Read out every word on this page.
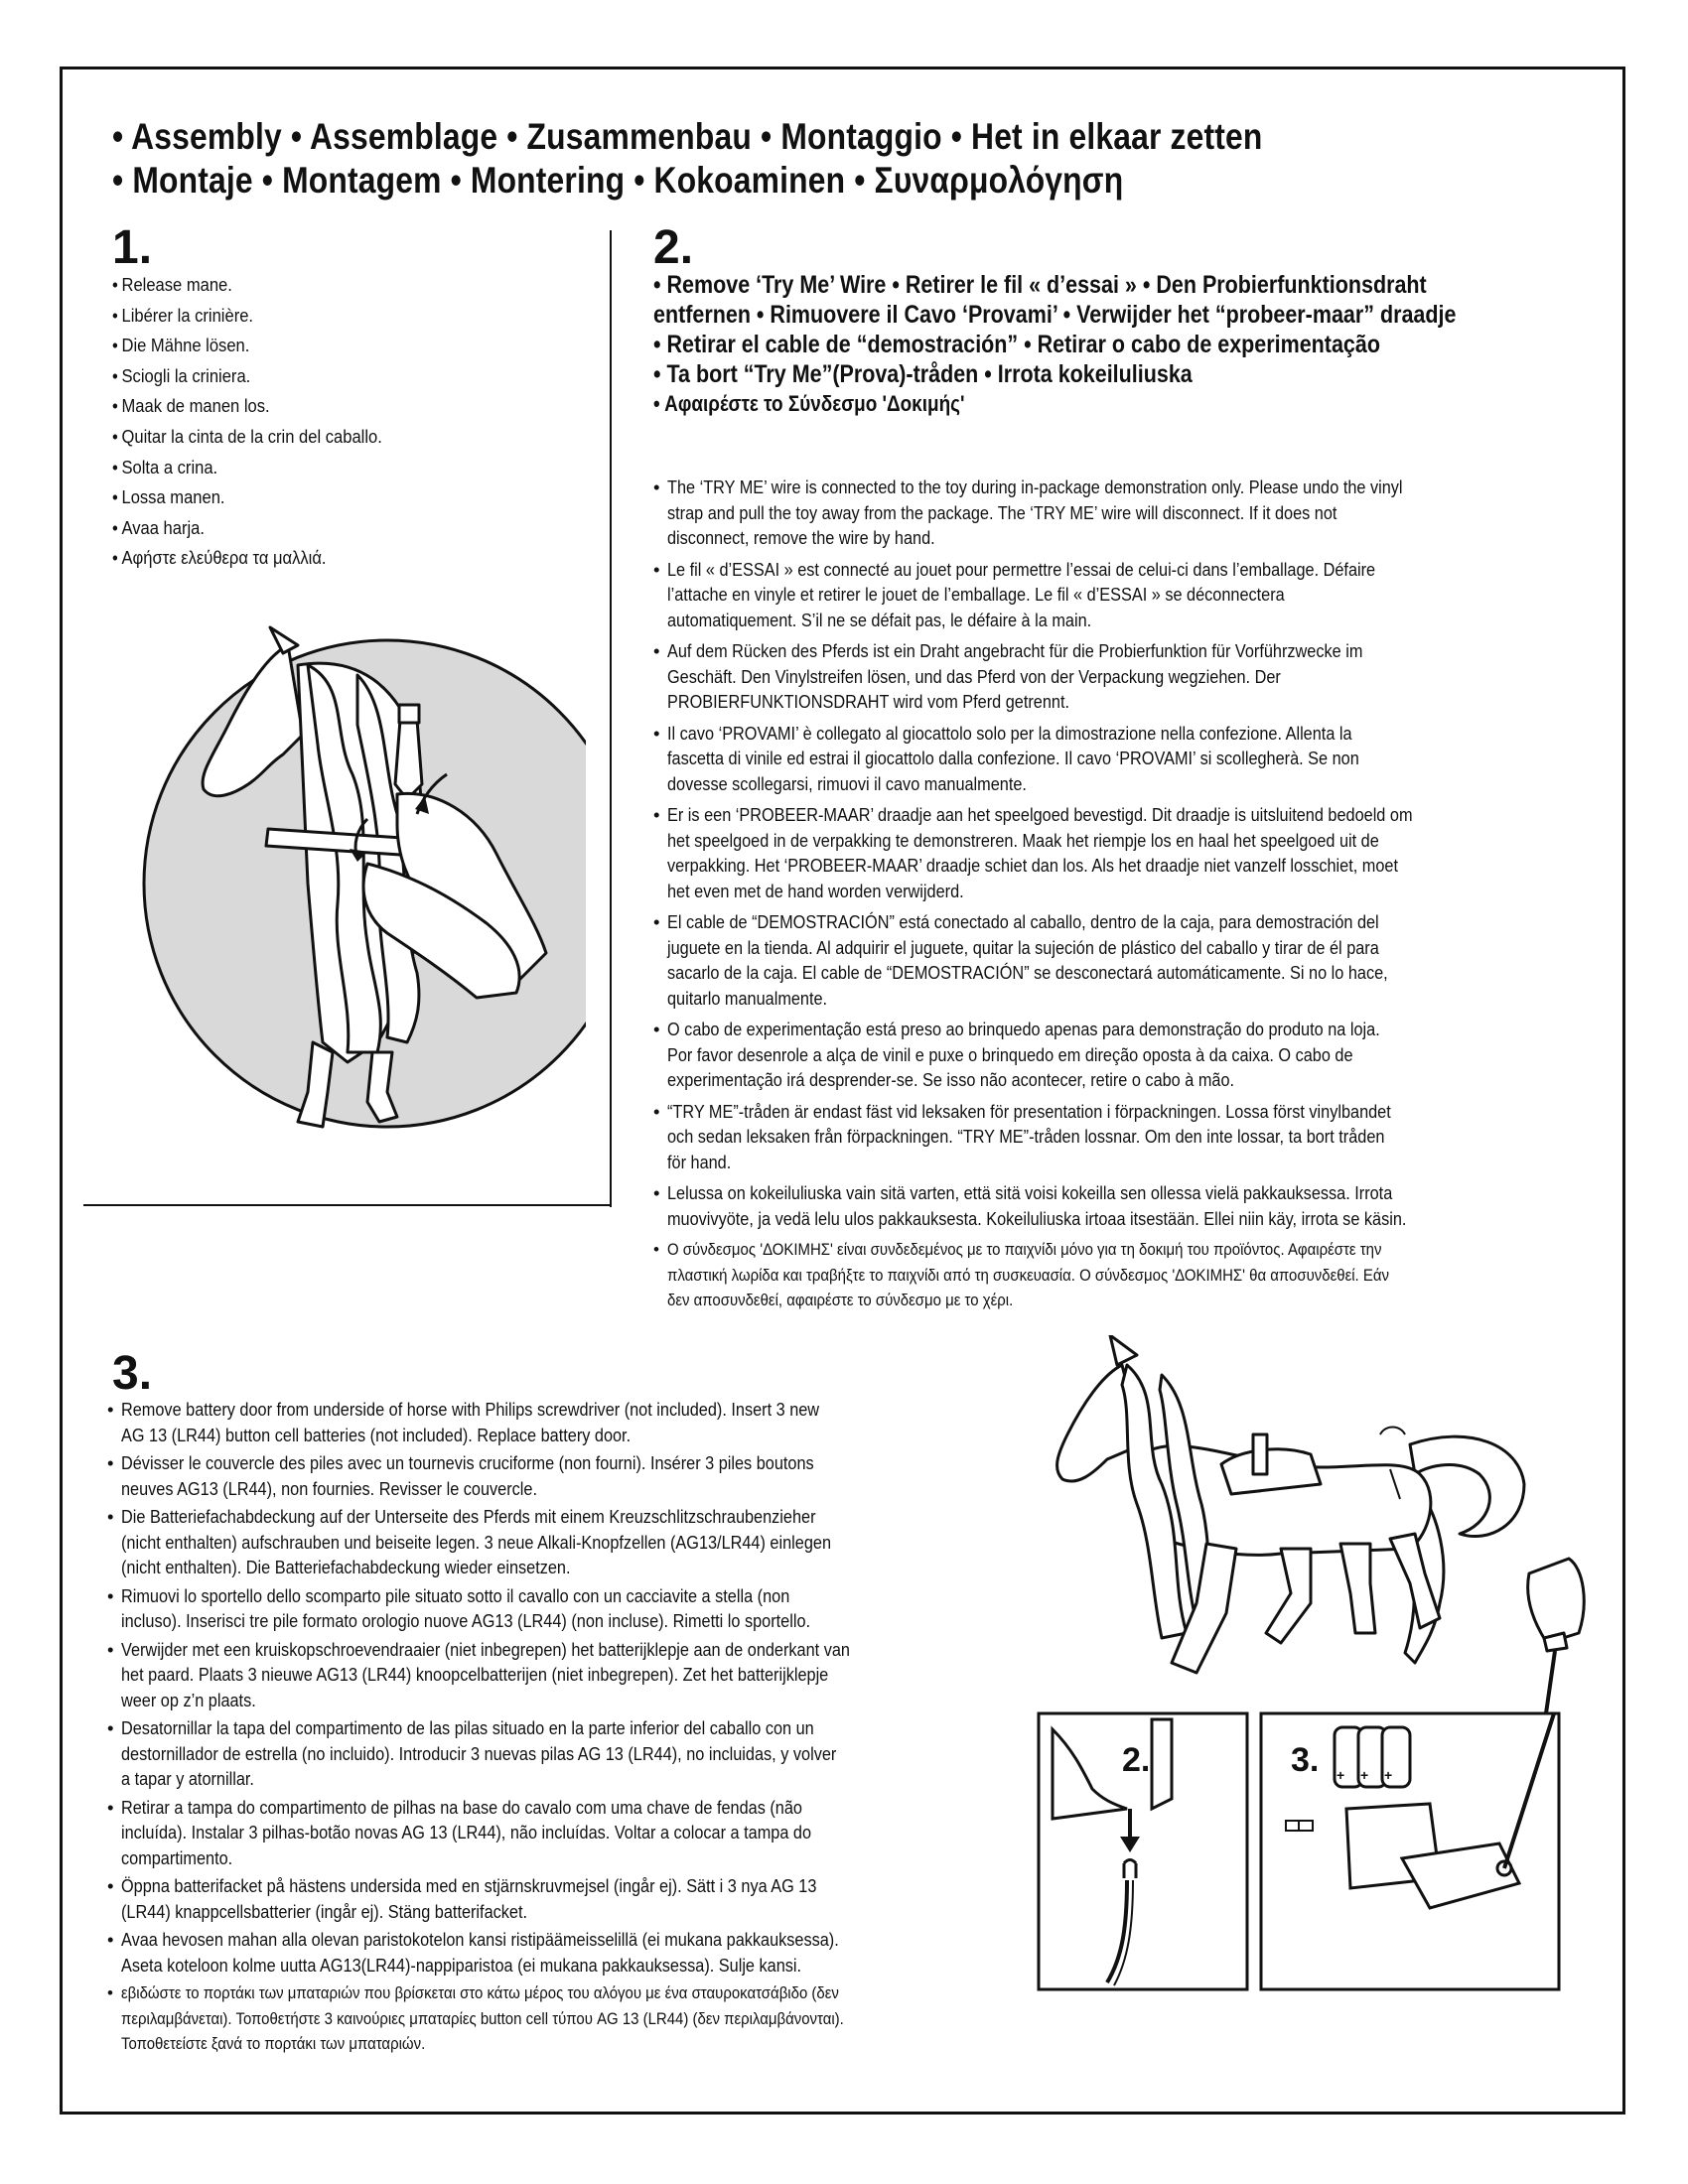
• Assembly • Assemblage • Zusammenbau • Montaggio • Het in elkaar zetten
• Montaje • Montagem • Montering • Kokoaminen • Συναρμολόγηση
1.
• Release mane.
• Libérer la crinière.
• Die Mähne lösen.
• Sciogli la criniera.
• Maak de manen los.
• Quitar la cinta de la crin del caballo.
• Solta a crina.
• Lossa manen.
• Avaa harja.
• Αφήστε ελεύθερα τα μαλλιά.
2.
• Remove ‘Try Me’ Wire • Retirer le fil « d’essai » • Den Probierfunktionsdraht
entfernen • Rimuovere il Cavo ‘Provami’ • Verwijder het “probeer-maar” draadje
• Retirar el cable de “demostración” • Retirar o cabo de experimentação
• Ta bort “Try Me”(Prova)-tråden • Irrota kokeiluliuska
• Αφαιρέστε το Σύνδεσμο 'Δοκιμής'
• The ‘TRY ME’ wire is connected to the toy during in-package demonstration only. Please undo the vinyl
strap and pull the toy away from the package. The ‘TRY ME’ wire will disconnect. If it does not
disconnect, remove the wire by hand.
• Le fil « d’ESSAI » est connecté au jouet pour permettre l’essai de celui-ci dans l’emballage. Défaire
l’attache en vinyle et retirer le jouet de l’emballage. Le fil « d’ESSAI » se déconnectera
automatiquement. S’il ne se défait pas, le défaire à la main.
• Auf dem Rücken des Pferds ist ein Draht angebracht für die Probierfunktion für Vorführzwecke im
Geschäft. Den Vinylstreifen lösen, und das Pferd von der Verpackung wegziehen. Der
PROBIERFUNKTIONSDRAHT wird vom Pferd getrennt.
• Il cavo ‘PROVAMI’ è collegato al giocattolo solo per la dimostrazione nella confezione. Allenta la
fascetta di vinile ed estrai il giocattolo dalla confezione. Il cavo ‘PROVAMI’ si scollegherà. Se non
dovesse scollegarsi, rimuovi il cavo manualmente.
• Er is een ‘PROBEER-MAAR’ draadje aan het speelgoed bevestigd. Dit draadje is uitsluitend bedoeld om
het speelgoed in de verpakking te demonstreren. Maak het riempje los en haal het speelgoed uit de
verpakking. Het ‘PROBEER-MAAR’ draadje schiet dan los. Als het draadje niet vanzelf losschiet, moet
het even met de hand worden verwijderd.
• El cable de “DEMOSTRACIÓN” está conectado al caballo, dentro de la caja, para demostración del
juguete en la tienda. Al adquirir el juguete, quitar la sujeción de plástico del caballo y tirar de él para
sacarlo de la caja. El cable de “DEMOSTRACIÓN” se desconectará automáticamente. Si no lo hace,
quitarlo manualmente.
• O cabo de experimentação está preso ao brinquedo apenas para demonstração do produto na loja.
Por favor desenrole a alça de vinil e puxe o brinquedo em direção oposta à da caixa. O cabo de
experimentação irá desprender-se. Se isso não acontecer, retire o cabo à mão.
• “TRY ME”-tråden är endast fäst vid leksaken för presentation i förpackningen. Lossa först vinylbandet
och sedan leksaken från förpackningen. “TRY ME”-tråden lossnar. Om den inte lossar, ta bort tråden
för hand.
• Lelussa on kokeiluliuska vain sitä varten, että sitä voisi kokeilla sen ollessa vielä pakkauksessa. Irrota
muovivyöte, ja vedä lelu ulos pakkauksesta. Kokeiluliuska irtoaa itsestään. Ellei niin käy, irrota se käsin.
• Ο σύνδεσμος 'ΔΟΚΙΜΗΣ' είναι συνδεδεμένος με το παιχνίδι μόνο για τη δοκιμή του προϊόντος. Αφαιρέστε την
πλαστική λωρίδα και τραβήξτε το παιχνίδι από τη συσκευασία. Ο σύνδεσμος 'ΔΟΚΙΜΗΣ' θα αποσυνδεθεί. Εάν
δεν αποσυνδεθεί, αφαιρέστε το σύνδεσμο με το χέρι.
3.
• Remove battery door from underside of horse with Philips screwdriver (not included). Insert 3 new
AG 13 (LR44) button cell batteries (not included). Replace battery door.
• Dévisser le couvercle des piles avec un tournevis cruciforme (non fourni). Insérer 3 piles boutons
neuves AG13 (LR44), non fournies. Revisser le couvercle.
• Die Batteriefachabdeckung auf der Unterseite des Pferds mit einem Kreuzschlitzschraubenzieher
(nicht enthalten) aufschrauben und beiseite legen. 3 neue Alkali-Knopfzellen (AG13/LR44) einlegen
(nicht enthalten). Die Batteriefachabdeckung wieder einsetzen.
• Rimuovi lo sportello dello scomparto pile situato sotto il cavallo con un cacciavite a stella (non
incluso). Inserisci tre pile formato orologio nuove AG13 (LR44) (non incluse). Rimetti lo sportello.
• Verwijder met een kruiskopschroevendraaier (niet inbegrepen) het batterijklepje aan de onderkant van
het paard. Plaats 3 nieuwe AG13 (LR44) knoopcelbatterijen (niet inbegrepen). Zet het batterijklepje
weer op z’n plaats.
• Desatornillar la tapa del compartimento de las pilas situado en la parte inferior del caballo con un
destornillador de estrella (no incluido). Introducir 3 nuevas pilas AG 13 (LR44), no incluidas, y volver
a tapar y atornillar.
• Retirar a tampa do compartimento de pilhas na base do cavalo com uma chave de fendas (não
incluída). Instalar 3 pilhas-botão novas AG 13 (LR44), não incluídas. Voltar a colocar a tampa do
compartimento.
• Öppna batterifacket på hästens undersida med en stjärnskruvmejsel (ingår ej). Sätt i 3 nya AG 13
(LR44) knappcellsbatterier (ingår ej). Stäng batterifacket.
• Avaa hevosen mahan alla olevan paristokotelon kansi ristipäämeisselillä (ei mukana pakkauksessa).
Aseta koteloon kolme uutta AG13(LR44)-nappiparistoa (ei mukana pakkauksessa). Sulje kansi.
• εβιδώστε το πορτάκι των μπαταριών που βρίσκεται στο κάτω μέρος του αλόγου με ένα σταυροκατσάβιδο (δεν
περιλαμβάνεται). Τοποθετήστε 3 καινούριες μπαταρίες button cell τύπου AG 13 (LR44) (δεν περιλαμβάνονται).
Τοποθετείστε ξανά το πορτάκι των μπαταριών.
2.	3. + + +
